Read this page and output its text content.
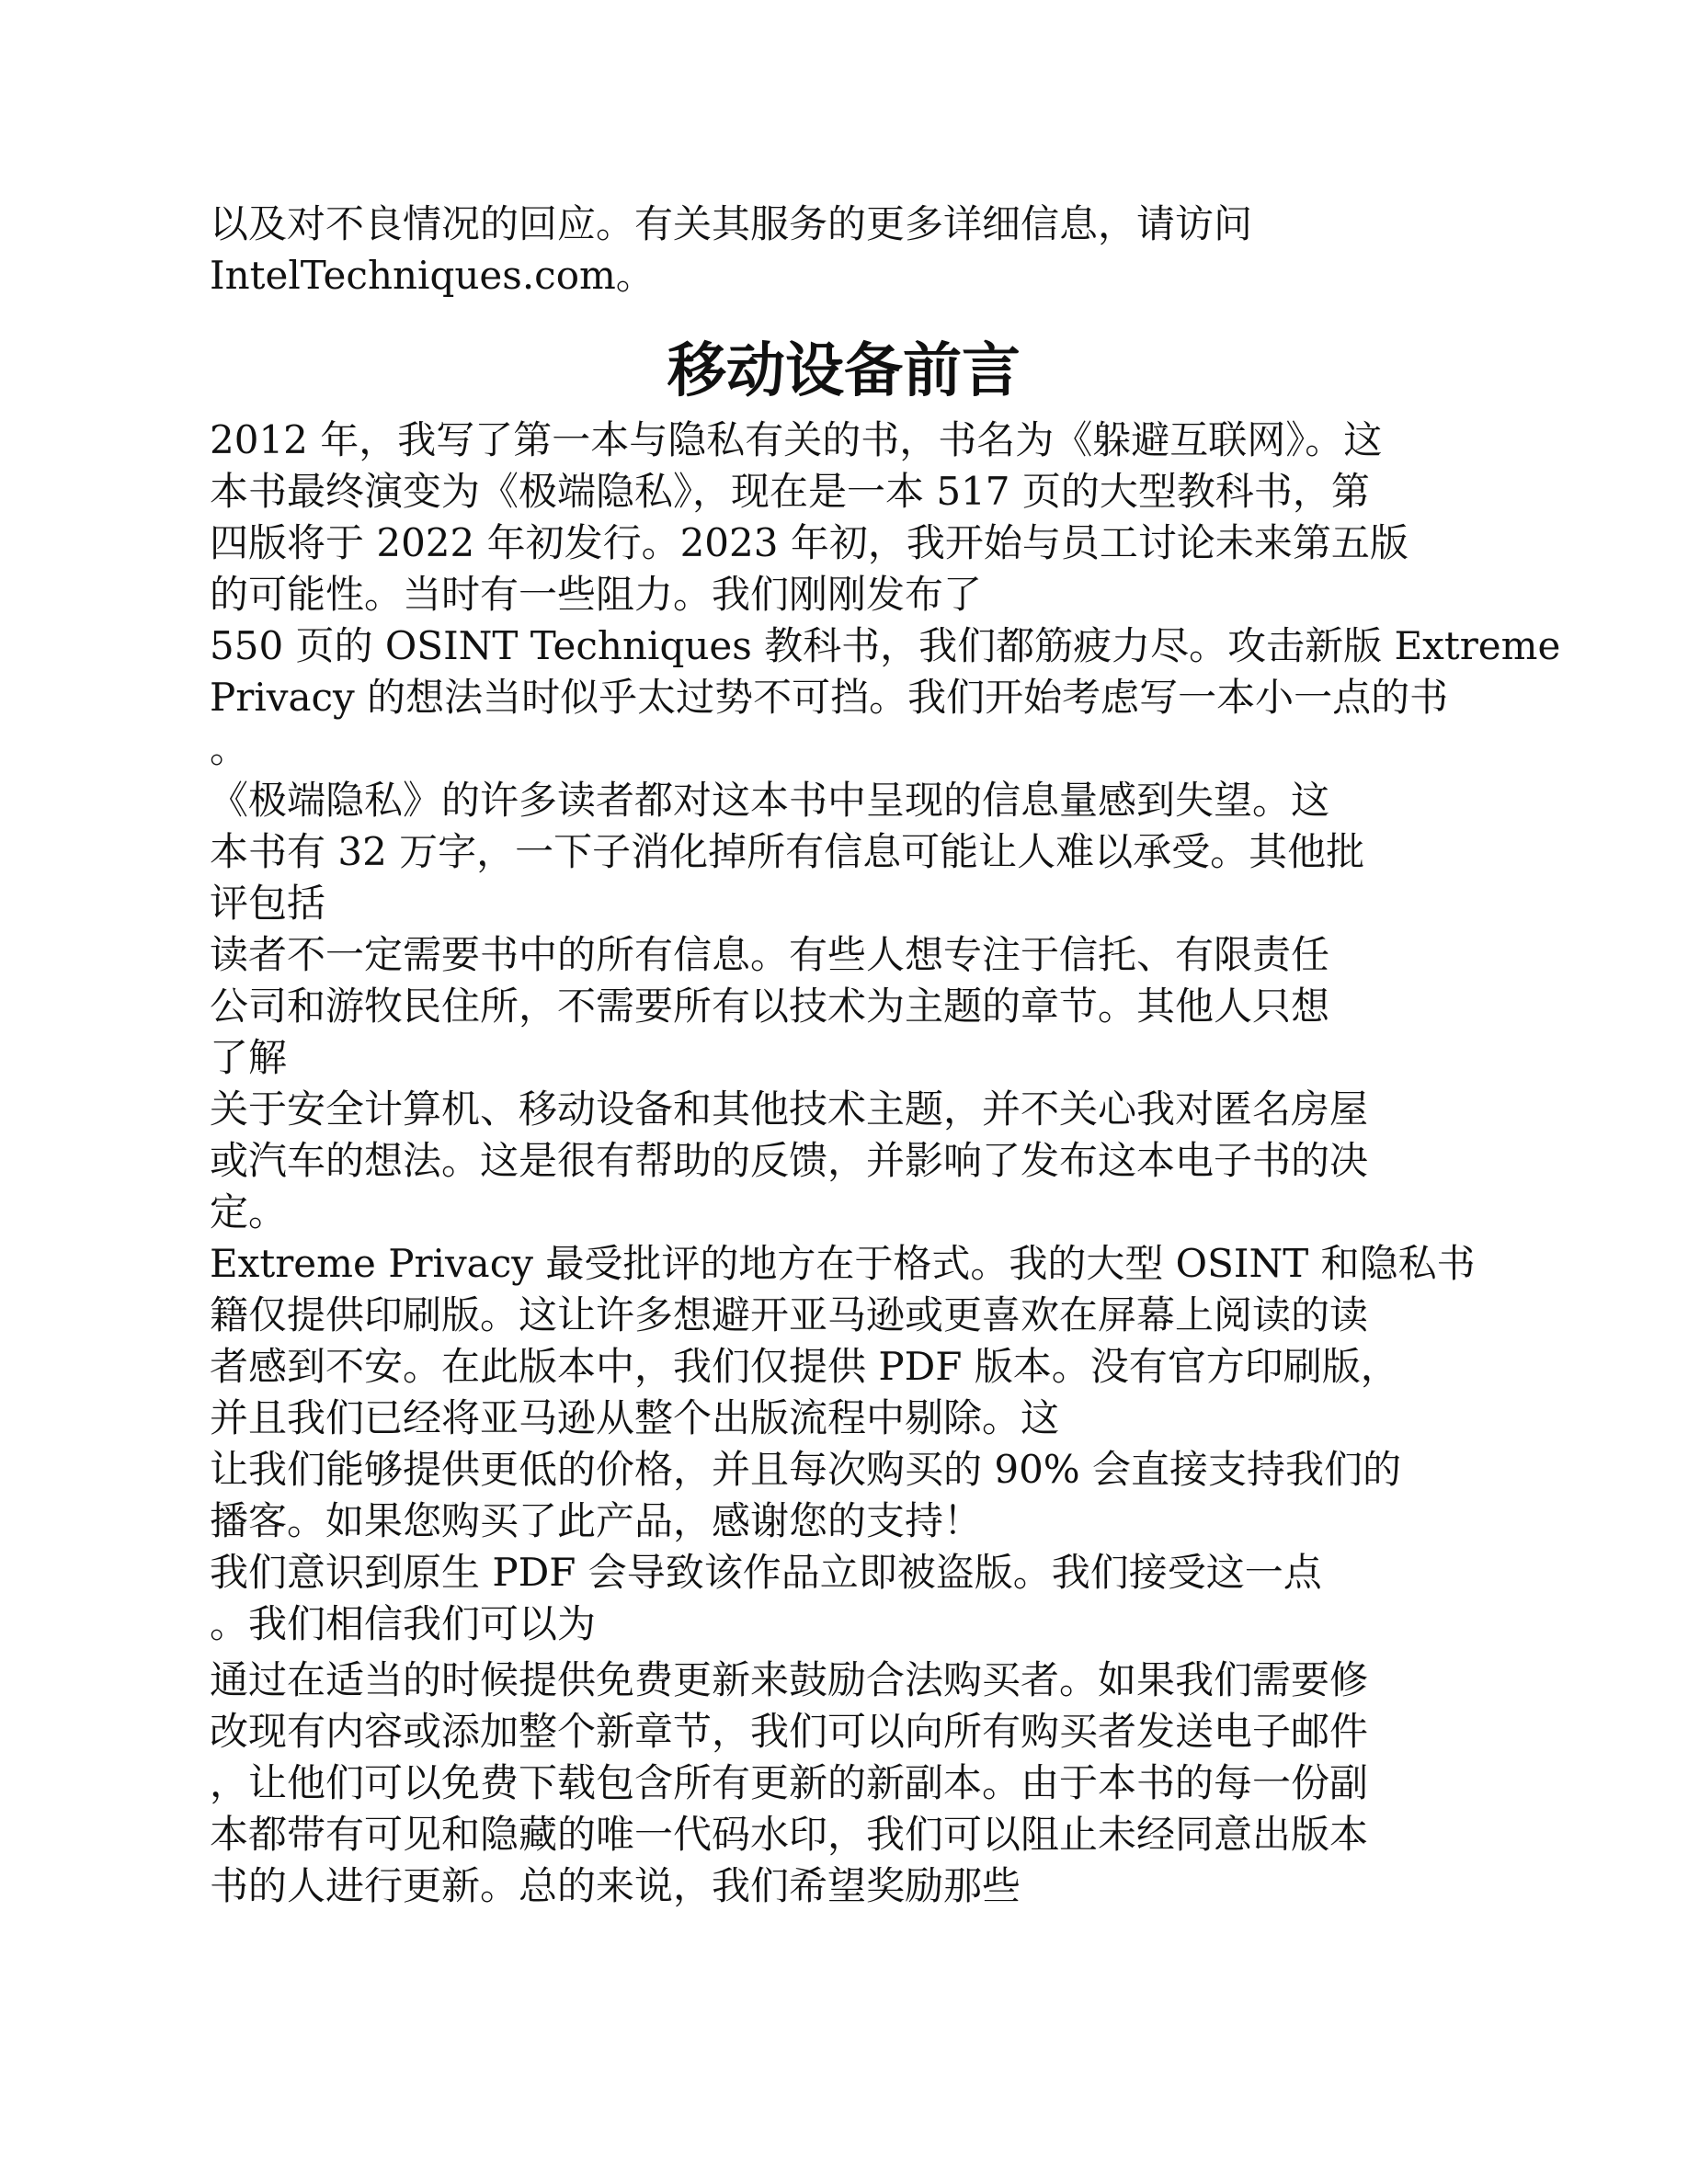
以及对不良情况的回应。有关其服务的更多详细信息，请访问
IntelTechniques.com。
移动设备前言
2012 年，我写了第一本与隐私有关的书，书名为《躲避互联网》。这
本书最终演变为《极端隐私》，现在是一本 517 页的大型教科书，第
四版将于 2022 年初发行。2023 年初，我开始与员工讨论未来第五版
的可能性。当时有一些阻力。我们刚刚发布了
550 页的 OSINT Techniques 教科书，我们都筋疲力尽。攻击新版 Extreme
Privacy 的想法当时似乎太过势不可挡。我们开始考虑写一本小一点的书
。
《极端隐私》的许多读者都对这本书中呈现的信息量感到失望。这
本书有 32 万字，一下子消化掉所有信息可能让人难以承受。其他批
评包括
读者不一定需要书中的所有信息。有些人想专注于信托、有限责任
公司和游牧民住所，不需要所有以技术为主题的章节。其他人只想
了解
关于安全计算机、移动设备和其他技术主题，并不关心我对匿名房屋
或汽车的想法。这是很有帮助的反馈，并影响了发布这本电子书的决
定。
Extreme Privacy 最受批评的地方在于格式。我的大型 OSINT 和隐私书
籍仅提供印刷版。这让许多想避开亚马逊或更喜欢在屏幕上阅读的读
者感到不安。在此版本中，我们仅提供 PDF 版本。没有官方印刷版，
并且我们已经将亚马逊从整个出版流程中剔除。这
让我们能够提供更低的价格，并且每次购买的 90% 会直接支持我们的
播客。如果您购买了此产品，感谢您的支持！
我们意识到原生 PDF 会导致该作品立即被盗版。我们接受这一点
。我们相信我们可以为
通过在适当的时候提供免费更新来鼓励合法购买者。如果我们需要修
改现有内容或添加整个新章节，我们可以向所有购买者发送电子邮件
，让他们可以免费下载包含所有更新的新副本。由于本书的每一份副
本都带有可见和隐藏的唯一代码水印，我们可以阻止未经同意出版本
书的人进行更新。总的来说，我们希望奖励那些
